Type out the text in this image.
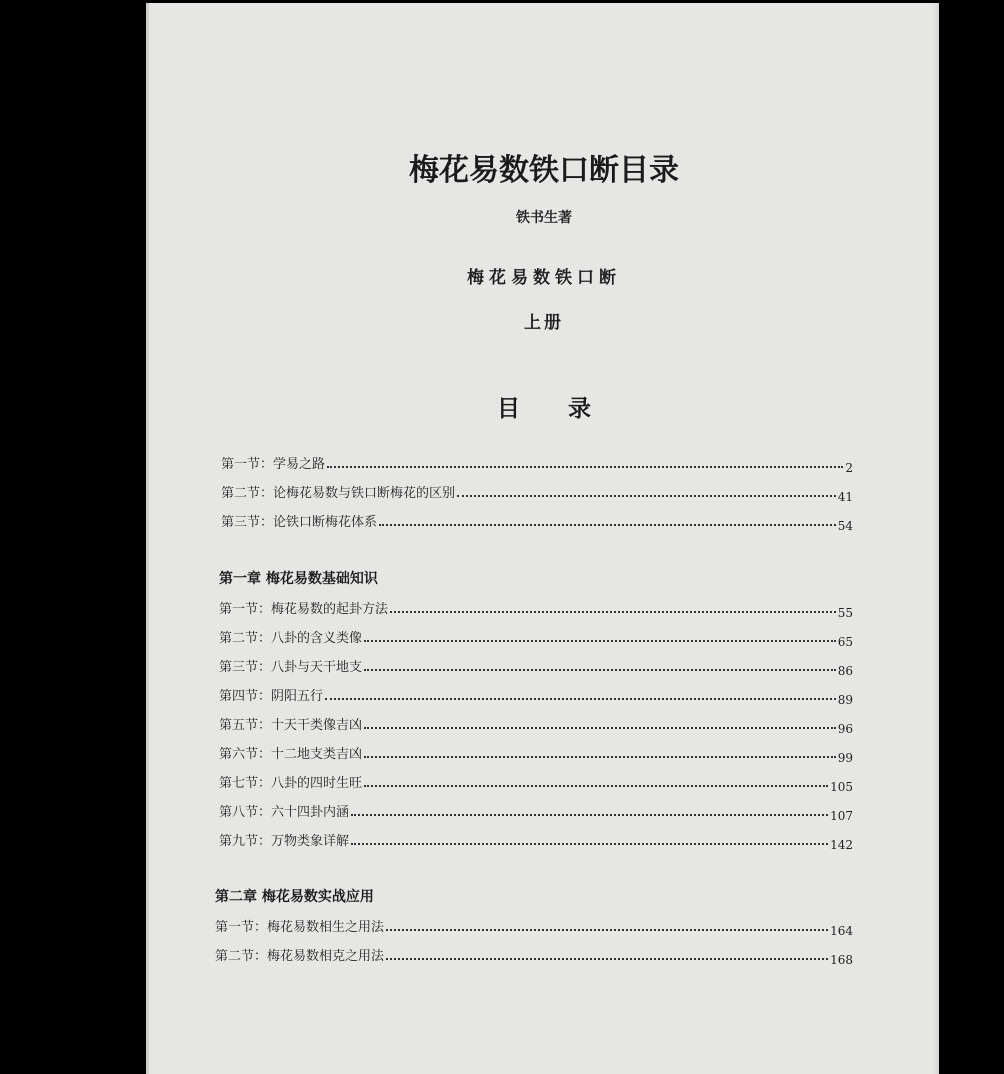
梅花易数铁口断目录
铁书生著
梅花易数铁口断
上册
目 录
第一节：学易之路	2
第二节：论梅花易数与铁口断梅花的区别	41
第三节：论铁口断梅花体系	54
第一章 梅花易数基础知识
第一节：梅花易数的起卦方法	55
第二节：八卦的含义类像	65
第三节：八卦与天干地支	86
第四节：阴阳五行	89
第五节：十天干类像吉凶	96
第六节：十二地支类吉凶	99
第七节：八卦的四时生旺	105
第八节：六十四卦内涵	107
第九节：万物类象详解	142
第二章 梅花易数实战应用
第一节：梅花易数相生之用法	164
第二节：梅花易数相克之用法	168
